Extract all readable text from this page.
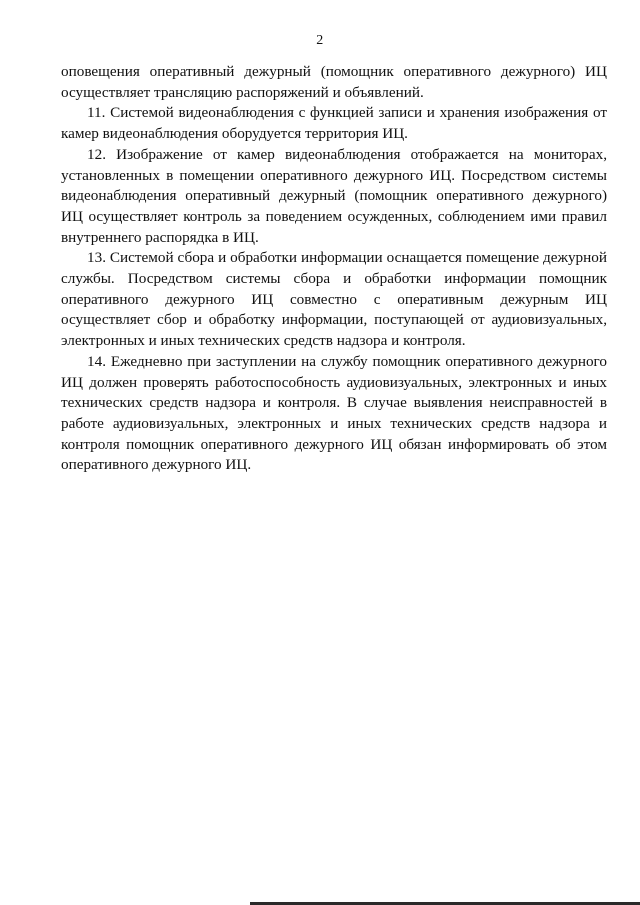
2

оповещения оперативный дежурный (помощник оперативного дежурного) ИЦ осуществляет трансляцию распоряжений и объявлений.

11. Системой видеонаблюдения с функцией записи и хранения изображения от камер видеонаблюдения оборудуется территория ИЦ.

12. Изображение от камер видеонаблюдения отображается на мониторах, установленных в помещении оперативного дежурного ИЦ. Посредством системы видеонаблюдения оперативный дежурный (помощник оперативного дежурного) ИЦ осуществляет контроль за поведением осужденных, соблюдением ими правил внутреннего распорядка в ИЦ.

13. Системой сбора и обработки информации оснащается помещение дежурной службы. Посредством системы сбора и обработки информации помощник оперативного дежурного ИЦ совместно с оперативным дежурным ИЦ осуществляет сбор и обработку информации, поступающей от аудиовизуальных, электронных и иных технических средств надзора и контроля.

14. Ежедневно при заступлении на службу помощник оперативного дежурного ИЦ должен проверять работоспособность аудиовизуальных, электронных и иных технических средств надзора и контроля. В случае выявления неисправностей в работе аудиовизуальных, электронных и иных технических средств надзора и контроля помощник оперативного дежурного ИЦ обязан информировать об этом оперативного дежурного ИЦ.
